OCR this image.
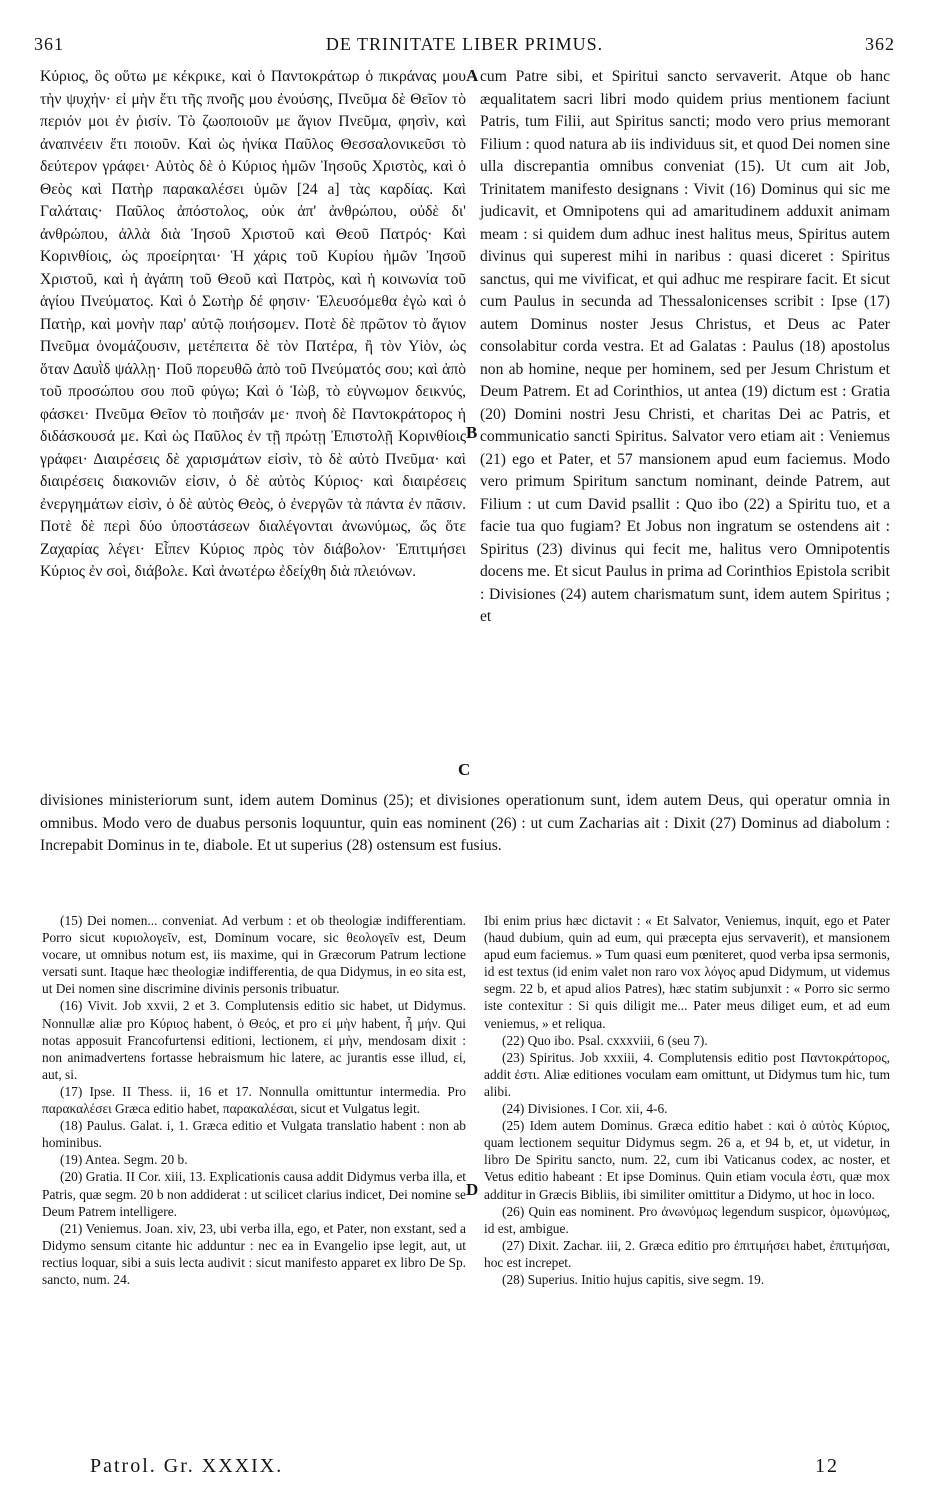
361	DE TRINITATE LIBER PRIMUS.	362

Κύριος, ὃς οὕτω με κέκρικε, καὶ ὁ Παντοκράτωρ ὁ πικράνας μου τὴν ψυχήν· εἰ μὴν ἔτι τῆς πνοῆς μου ἐνούσης, Πνεῦμα δὲ Θεῖον τὸ περιόν μοι ἐν ῥισίν. Τὸ ζωοποιοῦν με ἅγιον Πνεῦμα, φησὶν, καὶ ἀναπνέειν ἔτι ποιοῦν. Καὶ ὡς ἡνίκα Παῦλος Θεσσαλονικεῦσι τὸ δεύτερον γράφει· Αὐτὸς δὲ ὁ Κύριος ἡμῶν Ἰησοῦς Χριστὸς, καὶ ὁ Θεὸς καὶ Πατὴρ παρακαλέσει ὑμῶν [24 a] τὰς καρδίας. Καὶ Γαλάταις· Παῦλος ἀπόστολος, οὐκ ἀπ' ἀνθρώπου, οὐδὲ δι' ἀνθρώπου, ἀλλὰ διὰ Ἰησοῦ Χριστοῦ καὶ Θεοῦ Πατρός· Καὶ Κορινθίοις, ὡς προείρηται· Ἡ χάρις τοῦ Κυρίου ἡμῶν Ἰησοῦ Χριστοῦ, καὶ ἡ ἀγάπη τοῦ Θεοῦ καὶ Πατρὸς, καὶ ἡ κοινωνία τοῦ ἁγίου Πνεύματος. Καὶ ὁ Σωτὴρ δέ φησιν· Ἐλευσόμεθα ἐγὼ καὶ ὁ Πατὴρ, καὶ μονὴν παρ' αὐτῷ ποιήσομεν. Ποτὲ δὲ πρῶτον τὸ ἅγιον Πνεῦμα ὀνομάζουσιν, μετέπειτα δὲ τὸν Πατέρα, ἢ τὸν Υἱὸν, ὡς ὅταν Δαυῒδ ψάλλῃ· Ποῦ πορευθῶ ἀπὸ τοῦ Πνεύματός σου; καὶ ἀπὸ τοῦ προσώπου σου ποῦ φύγω; Καὶ ὁ Ἰὼβ, τὸ εὐγνωμον δεικνύς, φάσκει· Πνεῦμα Θεῖον τὸ ποιῆσάν με· πνοὴ δὲ Παντοκράτορος ἡ διδάσκουσά με. Καὶ ὡς Παῦλος ἐν τῇ πρώτῃ Ἐπιστολῇ Κορινθίοις γράφει· Διαιρέσεις δὲ χαρισμάτων εἰσὶν, τὸ δὲ αὐτὸ Πνεῦμα· καὶ διαιρέσεις διακονιῶν εἰσιν, ὁ δὲ αὐτὸς Κύριος· καὶ διαιρέσεις ἐνεργημάτων εἰσὶν, ὁ δὲ αὐτὸς Θεὸς, ὁ ἐνεργῶν τὰ πάντα ἐν πᾶσιν. Ποτὲ δὲ περὶ δύο ὑποστάσεων διαλέγονται ἀνωνύμως, ὥς ὅτε Ζαχαρίας λέγει· Εἶπεν Κύριος πρὸς τὸν διάβολον· Ἐπιτιμήσει Κύριος ἐν σοὶ, διάβολε. Καὶ ἀνωτέρω ἐδείχθη διὰ πλειόνων.

cum Patre sibi, et Spiritui sancto servaverit. Atque ob hanc æqualitatem sacri libri modo quidem prius mentionem faciunt Patris, tum Filii, aut Spiritus sancti; modo vero prius memorant Filium : quod natura ab iis individuus sit, et quod Dei nomen sine ulla discrepantia omnibus conveniat (15). Ut cum ait Job, Trinitatem manifesto designans : Vivit (16) Dominus qui sic me judicavit, et Omnipotens qui ad amaritudinem adduxit animam meam : si quidem dum adhuc inest halitus meus, Spiritus autem divinus qui superest mihi in naribus : quasi diceret : Spiritus sanctus, qui me vivificat, et qui adhuc me respirare facit. Et sicut cum Paulus in secunda ad Thessalonicenses scribit : Ipse (17) autem Dominus noster Jesus Christus, et Deus ac Pater consolabitur corda vestra. Et ad Galatas : Paulus (18) apostolus non ab homine, neque per hominem, sed per Jesum Christum et Deum Patrem. Et ad Corinthios, ut antea (19) dictum est : Gratia (20) Domini nostri Jesu Christi, et charitas Dei ac Patris, et communicatio sancti Spiritus. Salvator vero etiam ait : Veniemus (21) ego et Pater, et 57 mansionem apud eum faciemus. Modo vero primum Spiritum sanctum nominant, deinde Patrem, aut Filium : ut cum David psallit : Quo ibo (22) a Spiritu tuo, et a facie tua quo fugiam? Et Jobus non ingratum se ostendens ait : Spiritus (23) divinus qui fecit me, halitus vero Omnipotentis docens me. Et sicut Paulus in prima ad Corinthios Epistola scribit : Divisiones (24) autem charismatum sunt, idem autem Spiritus ; et

A
B
C
D

divisiones ministeriorum sunt, idem autem Dominus (25); et divisiones operationum sunt, idem autem Deus, qui operatur omnia in omnibus. Modo vero de duabus personis loquuntur, quin eas nominent (26) : ut cum Zacharias ait : Dixit (27) Dominus ad diabolum : Increpabit Dominus in te, diabole. Et ut superius (28) ostensum est fusius.

(15) Dei nomen... conveniat. Ad verbum : et ob theologiæ indifferentiam. Porro sicut κυριολογεῖν, est, Dominum vocare, sic θεολογεῖν est, Deum vocare, ut omnibus notum est, iis maxime, qui in Græcorum Patrum lectione versati sunt. Itaque hæc theologiæ indifferentia, de qua Didymus, in eo sita est, ut Dei nomen sine discrimine divinis personis tribuatur.

(16) Vivit. Job xxvii, 2 et 3. Complutensis editio sic habet, ut Didymus. Nonnullæ aliæ pro Κύριος habent, ὁ Θεός, et pro εἰ μὴν habent, ἦ μήν. Qui notas apposuit Francofurtensi editioni, lectionem, εἰ μὴν, mendosam dixit : non animadvertens fortasse hebraismum hic latere, ac jurantis esse illud, εἰ, aut, si.

(17) Ipse. II Thess. ii, 16 et 17. Nonnulla omittuntur intermedia. Pro παρακαλέσει Græca editio habet, παρακαλέσαι, sicut et Vulgatus legit.

(18) Paulus. Galat. i, 1. Græca editio et Vulgata translatio habent : non ab hominibus.

(19) Antea. Segm. 20 b.

(20) Gratia. II Cor. xiii, 13. Explicationis causa addit Didymus verba illa, et Patris, quæ segm. 20 b non addiderat : ut scilicet clarius indicet, Dei nomine se Deum Patrem intelligere.

(21) Veniemus. Joan. xiv, 23, ubi verba illa, ego, et Pater, non exstant, sed a Didymo sensum citante hic adduntur : nec ea in Evangelio ipse legit, aut, ut rectius loquar, sibi a suis lecta audivit : sicut manifesto apparet ex libro De Sp. sancto, num. 24.

Ibi enim prius hæc dictavit : « Et Salvator, Veniemus, inquit, ego et Pater (haud dubium, quin ad eum, qui præcepta ejus servaverit), et mansionem apud eum faciemus. » Tum quasi eum pœniteret, quod verba ipsa sermonis, id est textus (id enim valet non raro vox λόγος apud Didymum, ut videmus segm. 22 b, et apud alios Patres), hæc statim subjunxit : « Porro sic sermo iste contexitur : Si quis diligit me... Pater meus diliget eum, et ad eum veniemus, » et reliqua.

(22) Quo ibo. Psal. cxxxviii, 6 (seu 7).

(23) Spiritus. Job xxxiii, 4. Complutensis editio post Παντοκράτορος, addit ἐστι. Aliæ editiones voculam eam omittunt, ut Didymus tum hic, tum alibi.

(24) Divisiones. I Cor. xii, 4-6.

(25) Idem autem Dominus. Græca editio habet : καὶ ὁ αὐτὸς Κύριος, quam lectionem sequitur Didymus segm. 26 a, et 94 b, et, ut videtur, in libro De Spiritu sancto, num. 22, cum ibi Vaticanus codex, ac noster, et Vetus editio habeant : Et ipse Dominus. Quin etiam vocula ἐστι, quæ mox additur in Græcis Bibliis, ibi similiter omittitur a Didymo, ut hoc in loco.

(26) Quin eas nominent. Pro ἀνωνύμως legendum suspicor, ὁμωνύμως, id est, ambigue.

(27) Dixit. Zachar. iii, 2. Græca editio pro ἐπιτιμήσει habet, ἐπιτιμήσαι, hoc est increpet.

(28) Superius. Initio hujus capitis, sive segm. 19.

Patrol. Gr. XXXIX.	12
